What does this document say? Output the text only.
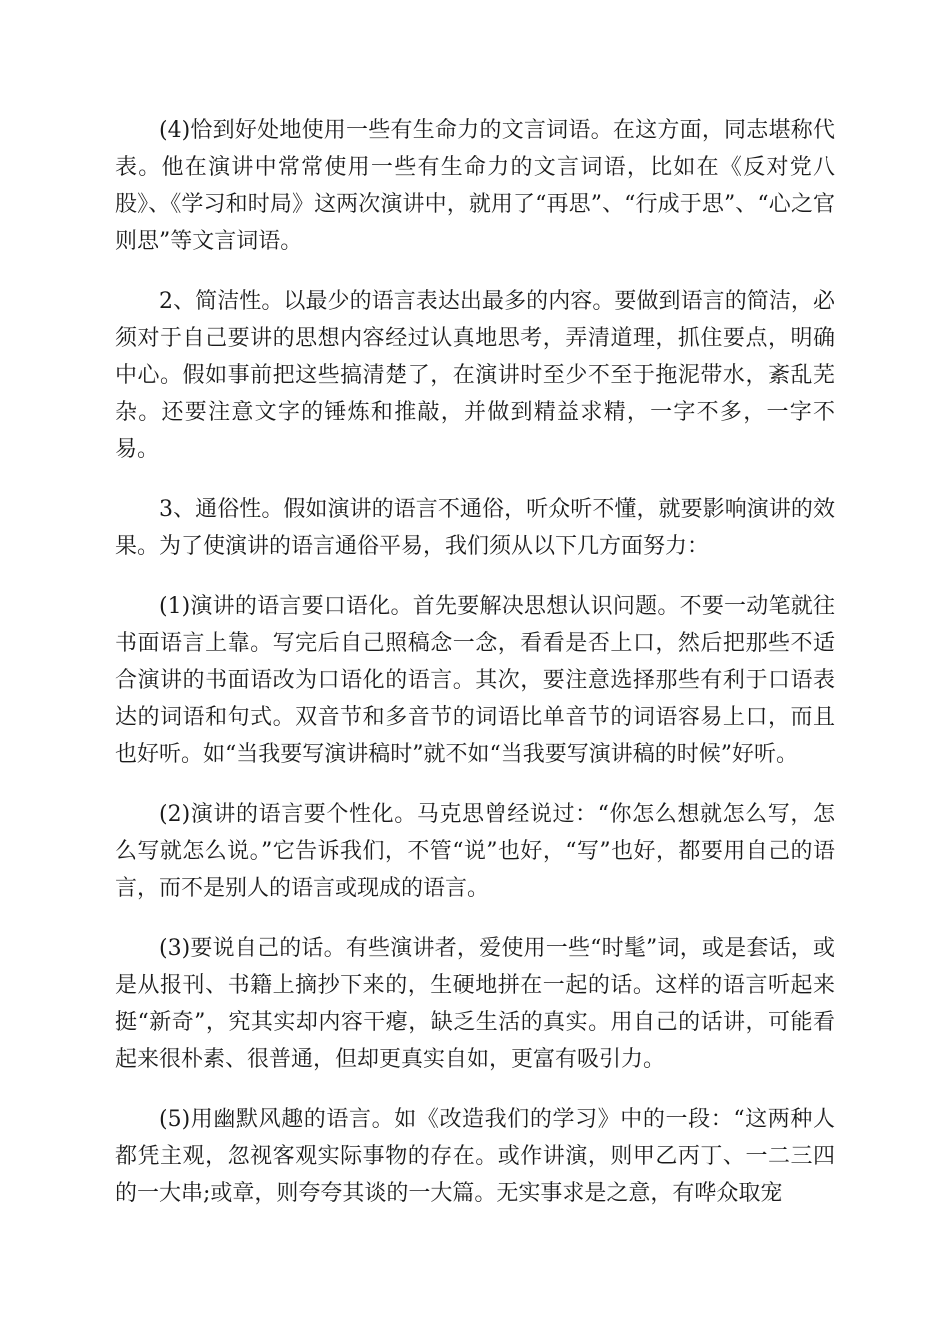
(4)恰到好处地使用一些有生命力的文言词语。在这方面，同志堪称代表。他在演讲中常常使用一些有生命力的文言词语，比如在《反对党八股》、《学习和时局》这两次演讲中，就用了“再思”、“行成于思”、“心之官则思”等文言词语。

2、简洁性。以最少的语言表达出最多的内容。要做到语言的简洁，必须对于自己要讲的思想内容经过认真地思考，弄清道理，抓住要点，明确中心。假如事前把这些搞清楚了，在演讲时至少不至于拖泥带水，紊乱芜杂。还要注意文字的锤炼和推敲，并做到精益求精，一字不多，一字不易。

3、通俗性。假如演讲的语言不通俗，听众听不懂，就要影响演讲的效果。为了使演讲的语言通俗平易，我们须从以下几方面努力：

(1)演讲的语言要口语化。首先要解决思想认识问题。不要一动笔就往书面语言上靠。写完后自己照稿念一念，看看是否上口，然后把那些不适合演讲的书面语改为口语化的语言。其次，要注意选择那些有利于口语表达的词语和句式。双音节和多音节的词语比单音节的词语容易上口，而且也好听。如“当我要写演讲稿时”就不如“当我要写演讲稿的时候”好听。

(2)演讲的语言要个性化。马克思曾经说过：“你怎么想就怎么写，怎么写就怎么说。”它告诉我们，不管“说”也好，“写”也好，都要用自己的语言，而不是别人的语言或现成的语言。

(3)要说自己的话。有些演讲者，爱使用一些“时髦”词，或是套话，或是从报刊、书籍上摘抄下来的，生硬地拼在一起的话。这样的语言听起来挺“新奇”，究其实却内容干瘪，缺乏生活的真实。用自己的话讲，可能看起来很朴素、很普通，但却更真实自如，更富有吸引力。

(5)用幽默风趣的语言。如《改造我们的学习》中的一段：“这两种人都凭主观，忽视客观实际事物的存在。或作讲演，则甲乙丙丁、一二三四的一大串;或章，则夸夸其谈的一大篇。无实事求是之意，有哗众取宠
